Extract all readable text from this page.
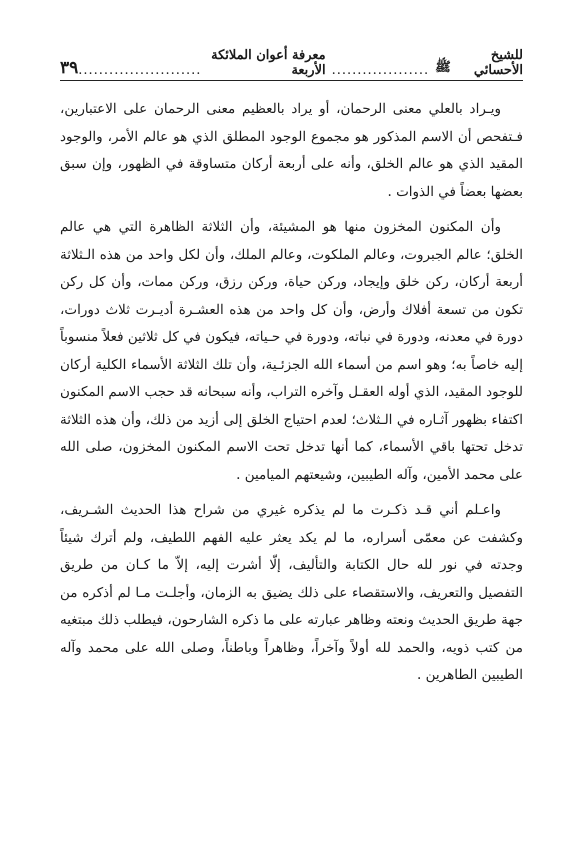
للشيخ الأحسائي
ﷺ
...................
معرفة أعوان الملائكة الأربعة
........................
٣٩

ويـراد بالعلي معنى الرحمان، أو يراد بالعظيم معنى الرحمان على الاعتبارين، فـتفحص أن الاسم المذكور هو مجموع الوجود المطلق الذي هو عالم الأمر، والوجود المقيد الذي هو عالم الخلق، وأنه على أربعة أركان متساوقة في الظهور، وإن سبق بعضها بعضاً في الذوات .

وأن المكنون المخزون منها هو المشيئة، وأن الثلاثة الظاهرة التي هي عالم الخلق؛ عالم الجبروت، وعالم الملكوت، وعالم الملك، وأن لكل واحد من هذه الـثلاثة أربعة أركان، ركن خلق وإيجاد، وركن حياة، وركن رزق، وركن ممات، وأن كل ركن تكون من تسعة أفلاك وأرض، وأن كل واحد من هذه العشـرة أديـرت ثلاث دورات، دورة في معدنه، ودورة في نباته، ودورة في حـياته، فيكون في كل ثلاثين فعلاً منسوباً إليه خاصاً به؛ وهو اسم من أسماء الله الجزئـية، وأن تلك الثلاثة الأسماء الكلية أركان للوجود المقيد، الذي أوله العقـل وآخره التراب، وأنه سبحانه قد حجب الاسم المكنون اكتفاء بظهور آثـاره في الـثلاث؛ لعدم احتياج الخلق إلى أزيد من ذلك، وأن هذه الثلاثة تدخل تحتها باقي الأسماء، كما أنها تدخل تحت الاسم المكنون المخزون، صلى الله على محمد الأمين، وآله الطيبين، وشيعتهم الميامين .

واعـلم أني قـد ذكـرت ما لم يذكره غيري من شراح هذا الحديث الشـريف، وكشفت عن معمّى أسراره، ما لم يكد يعثر عليه الفهم اللطيف، ولم أترك شيئاً وجدته في نور لله حال الكتابة والتأليف، إلّا أشرت إليه، إلاّ ما كـان من طريق التفصيل والتعريف، والاستقصاء على ذلك يضيق به الزمان، وأجلـت مـا لم أذكره من جهة طريق الحديث ونعته وظاهر عبارته على ما ذكره الشارحون، فيطلب ذلك مبتغيه من كتب ذويه، والحمد لله أولاً وآخراً، وظاهراً وباطناً، وصلى الله على محمد وآله الطيبين الطاهرين .
